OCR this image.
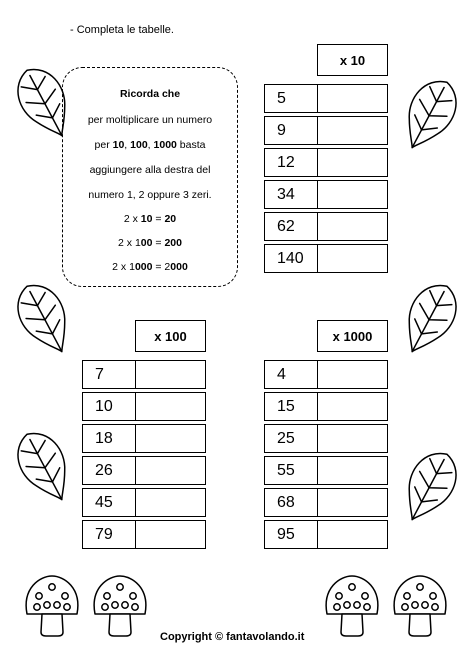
- Completa le tabelle.
Ricorda che
per moltiplicare un numero
per 10, 100, 1000 basta
aggiungere alla destra del
numero 1, 2 oppure 3 zeri.
2 x 10 = 20
2 x 100 = 200
2 x 1000 = 2000
x 10
5
9
12
34
62
140
x 100
7
10
18
26
45
79
x 1000
4
15
25
55
68
95
Copyright © fantavolando.it
